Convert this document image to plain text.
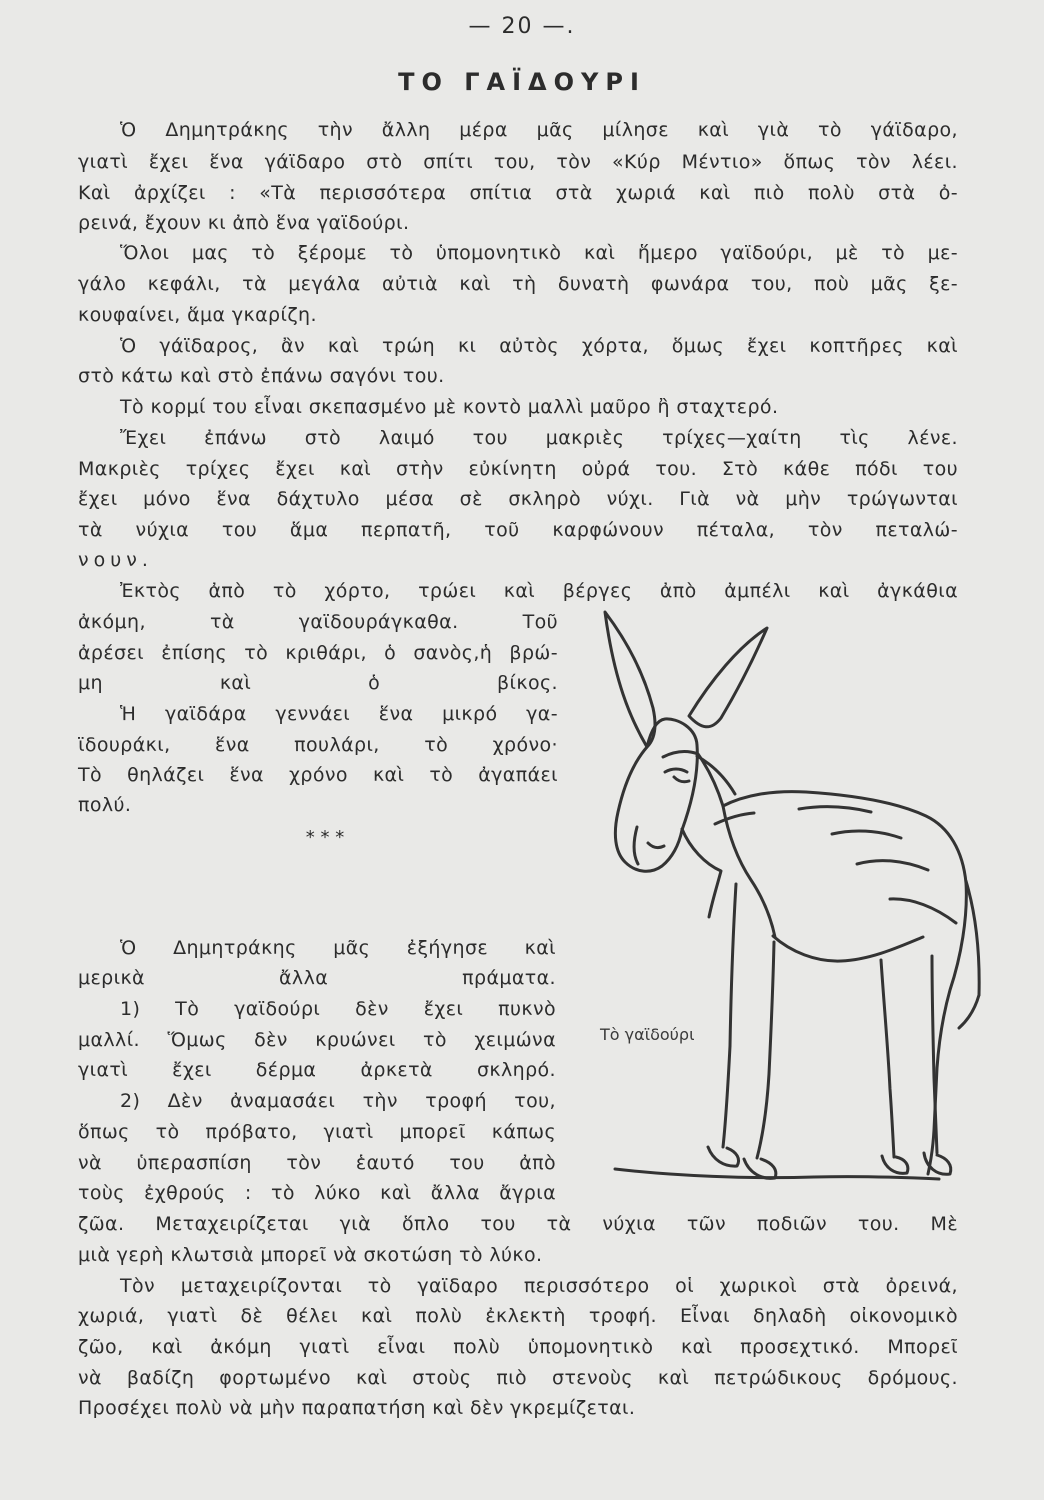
— 20 —.
ΤΟ ΓΑΪΔΟΥΡΙ
Ὁ Δημητράκης τὴν ἄλλη μέρα μᾶς μίλησε καὶ γιὰ τὸ γάϊδαρο,
γιατὶ ἔχει ἕνα γάϊδαρο στὸ σπίτι του, τὸν «Κύρ Μέντιο» ὅπως τὸν λέει.
Καὶ ἀρχίζει : «Τὰ περισσότερα σπίτια στὰ χωριά καὶ πιὸ πολὺ στὰ ὀ-
ρεινά, ἔχουν κι ἀπὸ ἕνα γαϊδούρι.
Ὅλοι μας τὸ ξέρομε τὸ ὑπομονητικὸ καὶ ἥμερο γαϊδούρι, μὲ τὸ με-
γάλο κεφάλι, τὰ μεγάλα αὐτιὰ καὶ τὴ δυνατὴ φωνάρα του, ποὺ μᾶς ξε-
κουφαίνει, ἅμα γκαρίζη.
Ὁ γάϊδαρος, ἂν καὶ τρώη κι αὐτὸς χόρτα, ὅμως ἔχει κοπτῆρες καὶ
στὸ κάτω καὶ στὸ ἐπάνω σαγόνι του.
Τὸ κορμί του εἶναι σκεπασμένο μὲ κοντὸ μαλλὶ μαῦρο ἢ σταχτερό.
Ἔχει ἐπάνω στὸ λαιμό του μακριὲς τρίχες—χαίτη τὶς λένε.
Μακριὲς τρίχες ἔχει καὶ στὴν εὐκίνητη οὐρά του. Στὸ κάθε πόδι του
ἔχει μόνο ἕνα δάχτυλο μέσα σὲ σκληρὸ νύχι. Γιὰ νὰ μὴν τρώγωνται
τὰ νύχια του ἅμα περπατῆ, τοῦ καρφώνουν πέταλα, τὸν πεταλώ-
νουν.
Ἐκτὸς ἀπὸ τὸ χόρτο, τρώει καὶ βέργες ἀπὸ ἀμπέλι καὶ ἀγκάθια
ἀκόμη, τὰ γαϊδουράγκαθα. Τοῦ
ἀρέσει ἐπίσης τὸ κριθάρι, ὁ σανὸς,ἡ βρώ-
μη καὶ ὁ βίκος.
Ἡ γαϊδάρα γεννάει ἕνα μικρό γα-
ϊδουράκι, ἕνα πουλάρι, τὸ χρόνο·
Τὸ θηλάζει ἕνα χρόνο καὶ τὸ ἀγαπάει
πολύ.
* * *
Ὁ Δημητράκης μᾶς ἐξήγησε καὶ
μερικὰ ἄλλα πράματα.
1) Τὸ γαϊδούρι δὲν ἔχει πυκνὸ
μαλλί. Ὅμως δὲν κρυώνει τὸ χειμώνα
γιατὶ ἔχει δέρμα ἀρκετὰ σκληρό.
2) Δὲν ἀναμασάει τὴν τροφή του,
ὅπως τὸ πρόβατο, γιατὶ μπορεῖ κάπως
νὰ ὑπερασπίση τὸν ἑαυτό του ἀπὸ
τοὺς ἐχθρούς : τὸ λύκο καὶ ἄλλα ἄγρια
ζῶα. Μεταχειρίζεται γιὰ ὅπλο του τὰ νύχια τῶν ποδιῶν του. Μὲ
μιὰ γερὴ κλωτσιὰ μπορεῖ νὰ σκοτώση τὸ λύκο.
Τὸν μεταχειρίζονται τὸ γαϊδαρο περισσότερο οἱ χωρικοὶ στὰ ὀρεινά,
χωριά, γιατὶ δὲ θέλει καὶ πολὺ ἐκλεκτὴ τροφή. Εἶναι δηλαδὴ οἰκονομικὸ
ζῶο, καὶ ἀκόμη γιατὶ εἶναι πολὺ ὑπομονητικὸ καὶ προσεχτικό. Μπορεῖ
νὰ βαδίζη φορτωμένο καὶ στοὺς πιὸ στενοὺς καὶ πετρώδικους δρόμους.
Προσέχει πολὺ νὰ μὴν παραπατήση καὶ δὲν γκρεμίζεται.
Τὸ γαϊδούρι
